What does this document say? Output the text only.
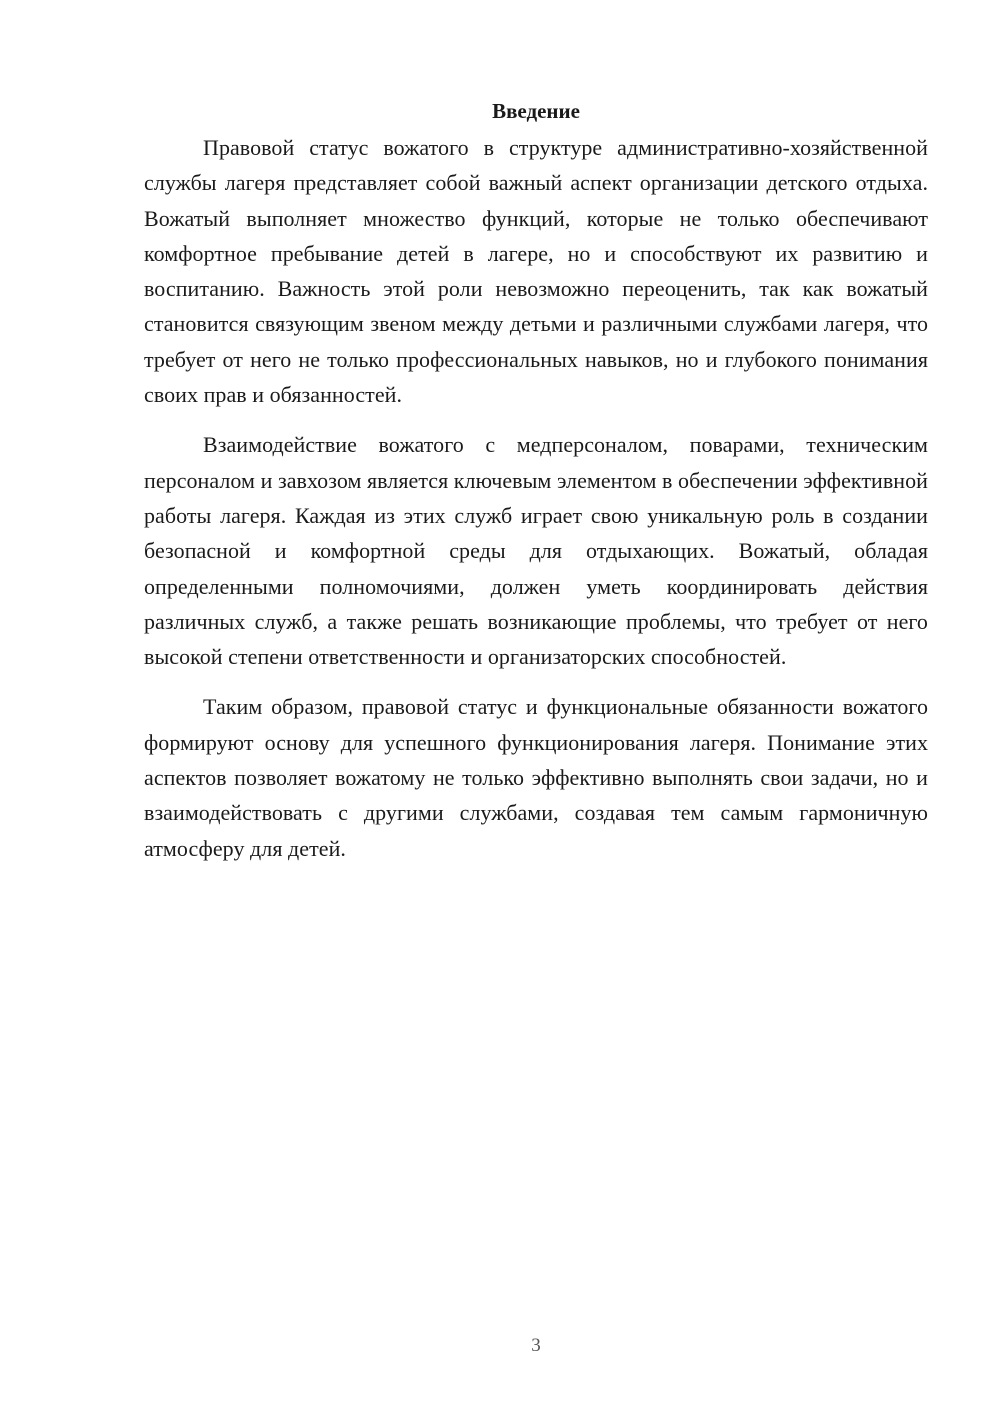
Введение

Правовой статус вожатого в структуре административно-хозяйственной службы лагеря представляет собой важный аспект организации детского отдыха. Вожатый выполняет множество функций, которые не только обеспечивают комфортное пребывание детей в лагере, но и способствуют их развитию и воспитанию. Важность этой роли невозможно переоценить, так как вожатый становится связующим звеном между детьми и различными службами лагеря, что требует от него не только профессиональных навыков, но и глубокого понимания своих прав и обязанностей.

Взаимодействие вожатого с медперсоналом, поварами, техническим персоналом и завхозом является ключевым элементом в обеспечении эффективной работы лагеря. Каждая из этих служб играет свою уникальную роль в создании безопасной и комфортной среды для отдыхающих. Вожатый, обладая определенными полномочиями, должен уметь координировать действия различных служб, а также решать возникающие проблемы, что требует от него высокой степени ответственности и организаторских способностей.

Таким образом, правовой статус и функциональные обязанности вожатого формируют основу для успешного функционирования лагеря. Понимание этих аспектов позволяет вожатому не только эффективно выполнять свои задачи, но и взаимодействовать с другими службами, создавая тем самым гармоничную атмосферу для детей.

3
